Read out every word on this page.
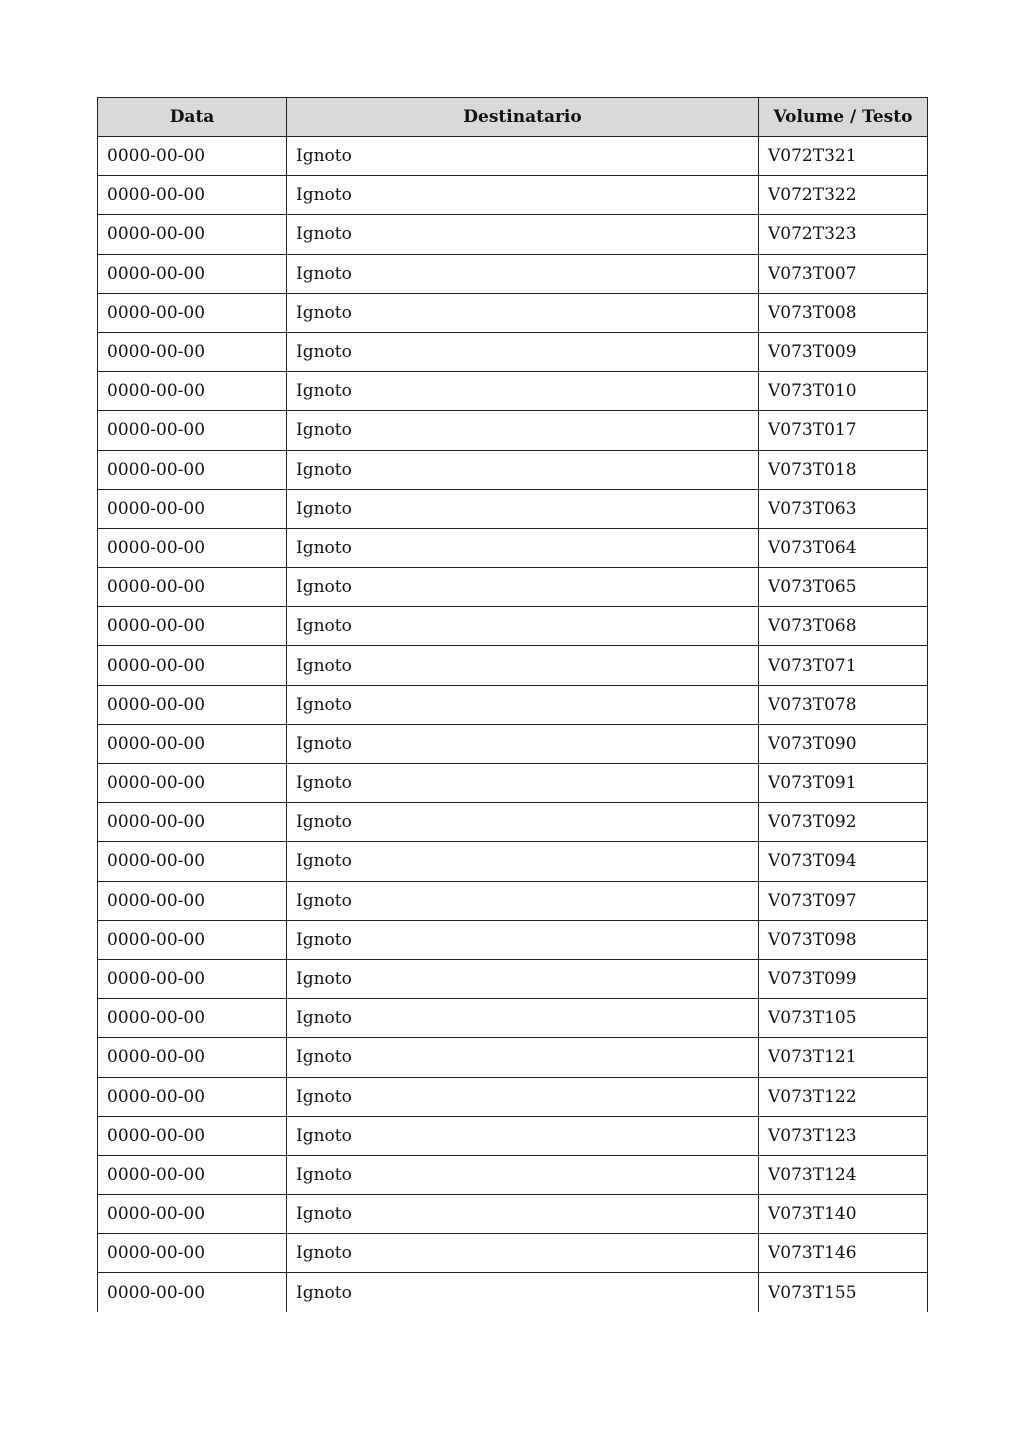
Data	Destinatario	Volume / Testo
0000-00-00	Ignoto	V072T321
0000-00-00	Ignoto	V072T322
0000-00-00	Ignoto	V072T323
0000-00-00	Ignoto	V073T007
0000-00-00	Ignoto	V073T008
0000-00-00	Ignoto	V073T009
0000-00-00	Ignoto	V073T010
0000-00-00	Ignoto	V073T017
0000-00-00	Ignoto	V073T018
0000-00-00	Ignoto	V073T063
0000-00-00	Ignoto	V073T064
0000-00-00	Ignoto	V073T065
0000-00-00	Ignoto	V073T068
0000-00-00	Ignoto	V073T071
0000-00-00	Ignoto	V073T078
0000-00-00	Ignoto	V073T090
0000-00-00	Ignoto	V073T091
0000-00-00	Ignoto	V073T092
0000-00-00	Ignoto	V073T094
0000-00-00	Ignoto	V073T097
0000-00-00	Ignoto	V073T098
0000-00-00	Ignoto	V073T099
0000-00-00	Ignoto	V073T105
0000-00-00	Ignoto	V073T121
0000-00-00	Ignoto	V073T122
0000-00-00	Ignoto	V073T123
0000-00-00	Ignoto	V073T124
0000-00-00	Ignoto	V073T140
0000-00-00	Ignoto	V073T146
0000-00-00	Ignoto	V073T155
